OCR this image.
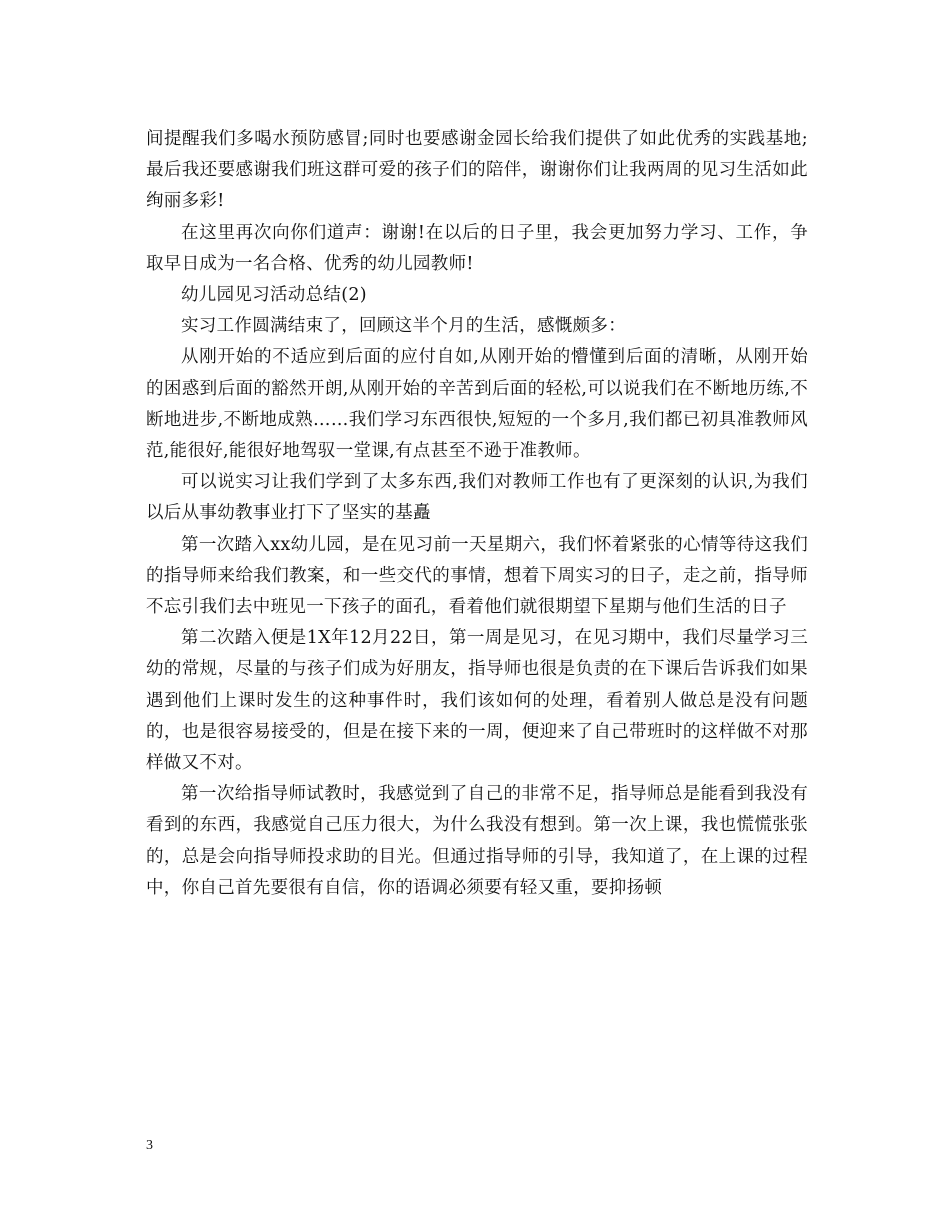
间提醒我们多喝水预防感冒;同时也要感谢金园长给我们提供了如此优秀的实践基地;最后我还要感谢我们班这群可爱的孩子们的陪伴，谢谢你们让我两周的见习生活如此绚丽多彩!

在这里再次向你们道声：谢谢!在以后的日子里，我会更加努力学习、工作，争取早日成为一名合格、优秀的幼儿园教师!

幼儿园见习活动总结(2)

实习工作圆满结束了，回顾这半个月的生活，感慨颇多：

从刚开始的不适应到后面的应付自如,从刚开始的懵懂到后面的清晰，从刚开始的困惑到后面的豁然开朗,从刚开始的辛苦到后面的轻松,可以说我们在不断地历练,不断地进步,不断地成熟……我们学习东西很快,短短的一个多月,我们都已初具准教师风范,能很好,能很好地驾驭一堂课,有点甚至不逊于准教师。

可以说实习让我们学到了太多东西,我们对教师工作也有了更深刻的认识,为我们以后从事幼教事业打下了坚实的基矗

第一次踏入xx幼儿园，是在见习前一天星期六，我们怀着紧张的心情等待这我们的指导师来给我们教案，和一些交代的事情，想着下周实习的日子，走之前，指导师不忘引我们去中班见一下孩子的面孔，看着他们就很期望下星期与他们生活的日子

第二次踏入便是1X年12月22日，第一周是见习，在见习期中，我们尽量学习三幼的常规，尽量的与孩子们成为好朋友，指导师也很是负责的在下课后告诉我们如果遇到他们上课时发生的这种事件时，我们该如何的处理，看着别人做总是没有问题的，也是很容易接受的，但是在接下来的一周，便迎来了自己带班时的这样做不对那样做又不对。

第一次给指导师试教时，我感觉到了自己的非常不足，指导师总是能看到我没有看到的东西，我感觉自己压力很大，为什么我没有想到。第一次上课，我也慌慌张张的，总是会向指导师投求助的目光。但通过指导师的引导，我知道了，在上课的过程中，你自己首先要很有自信，你的语调必须要有轻又重，要抑扬顿

3
